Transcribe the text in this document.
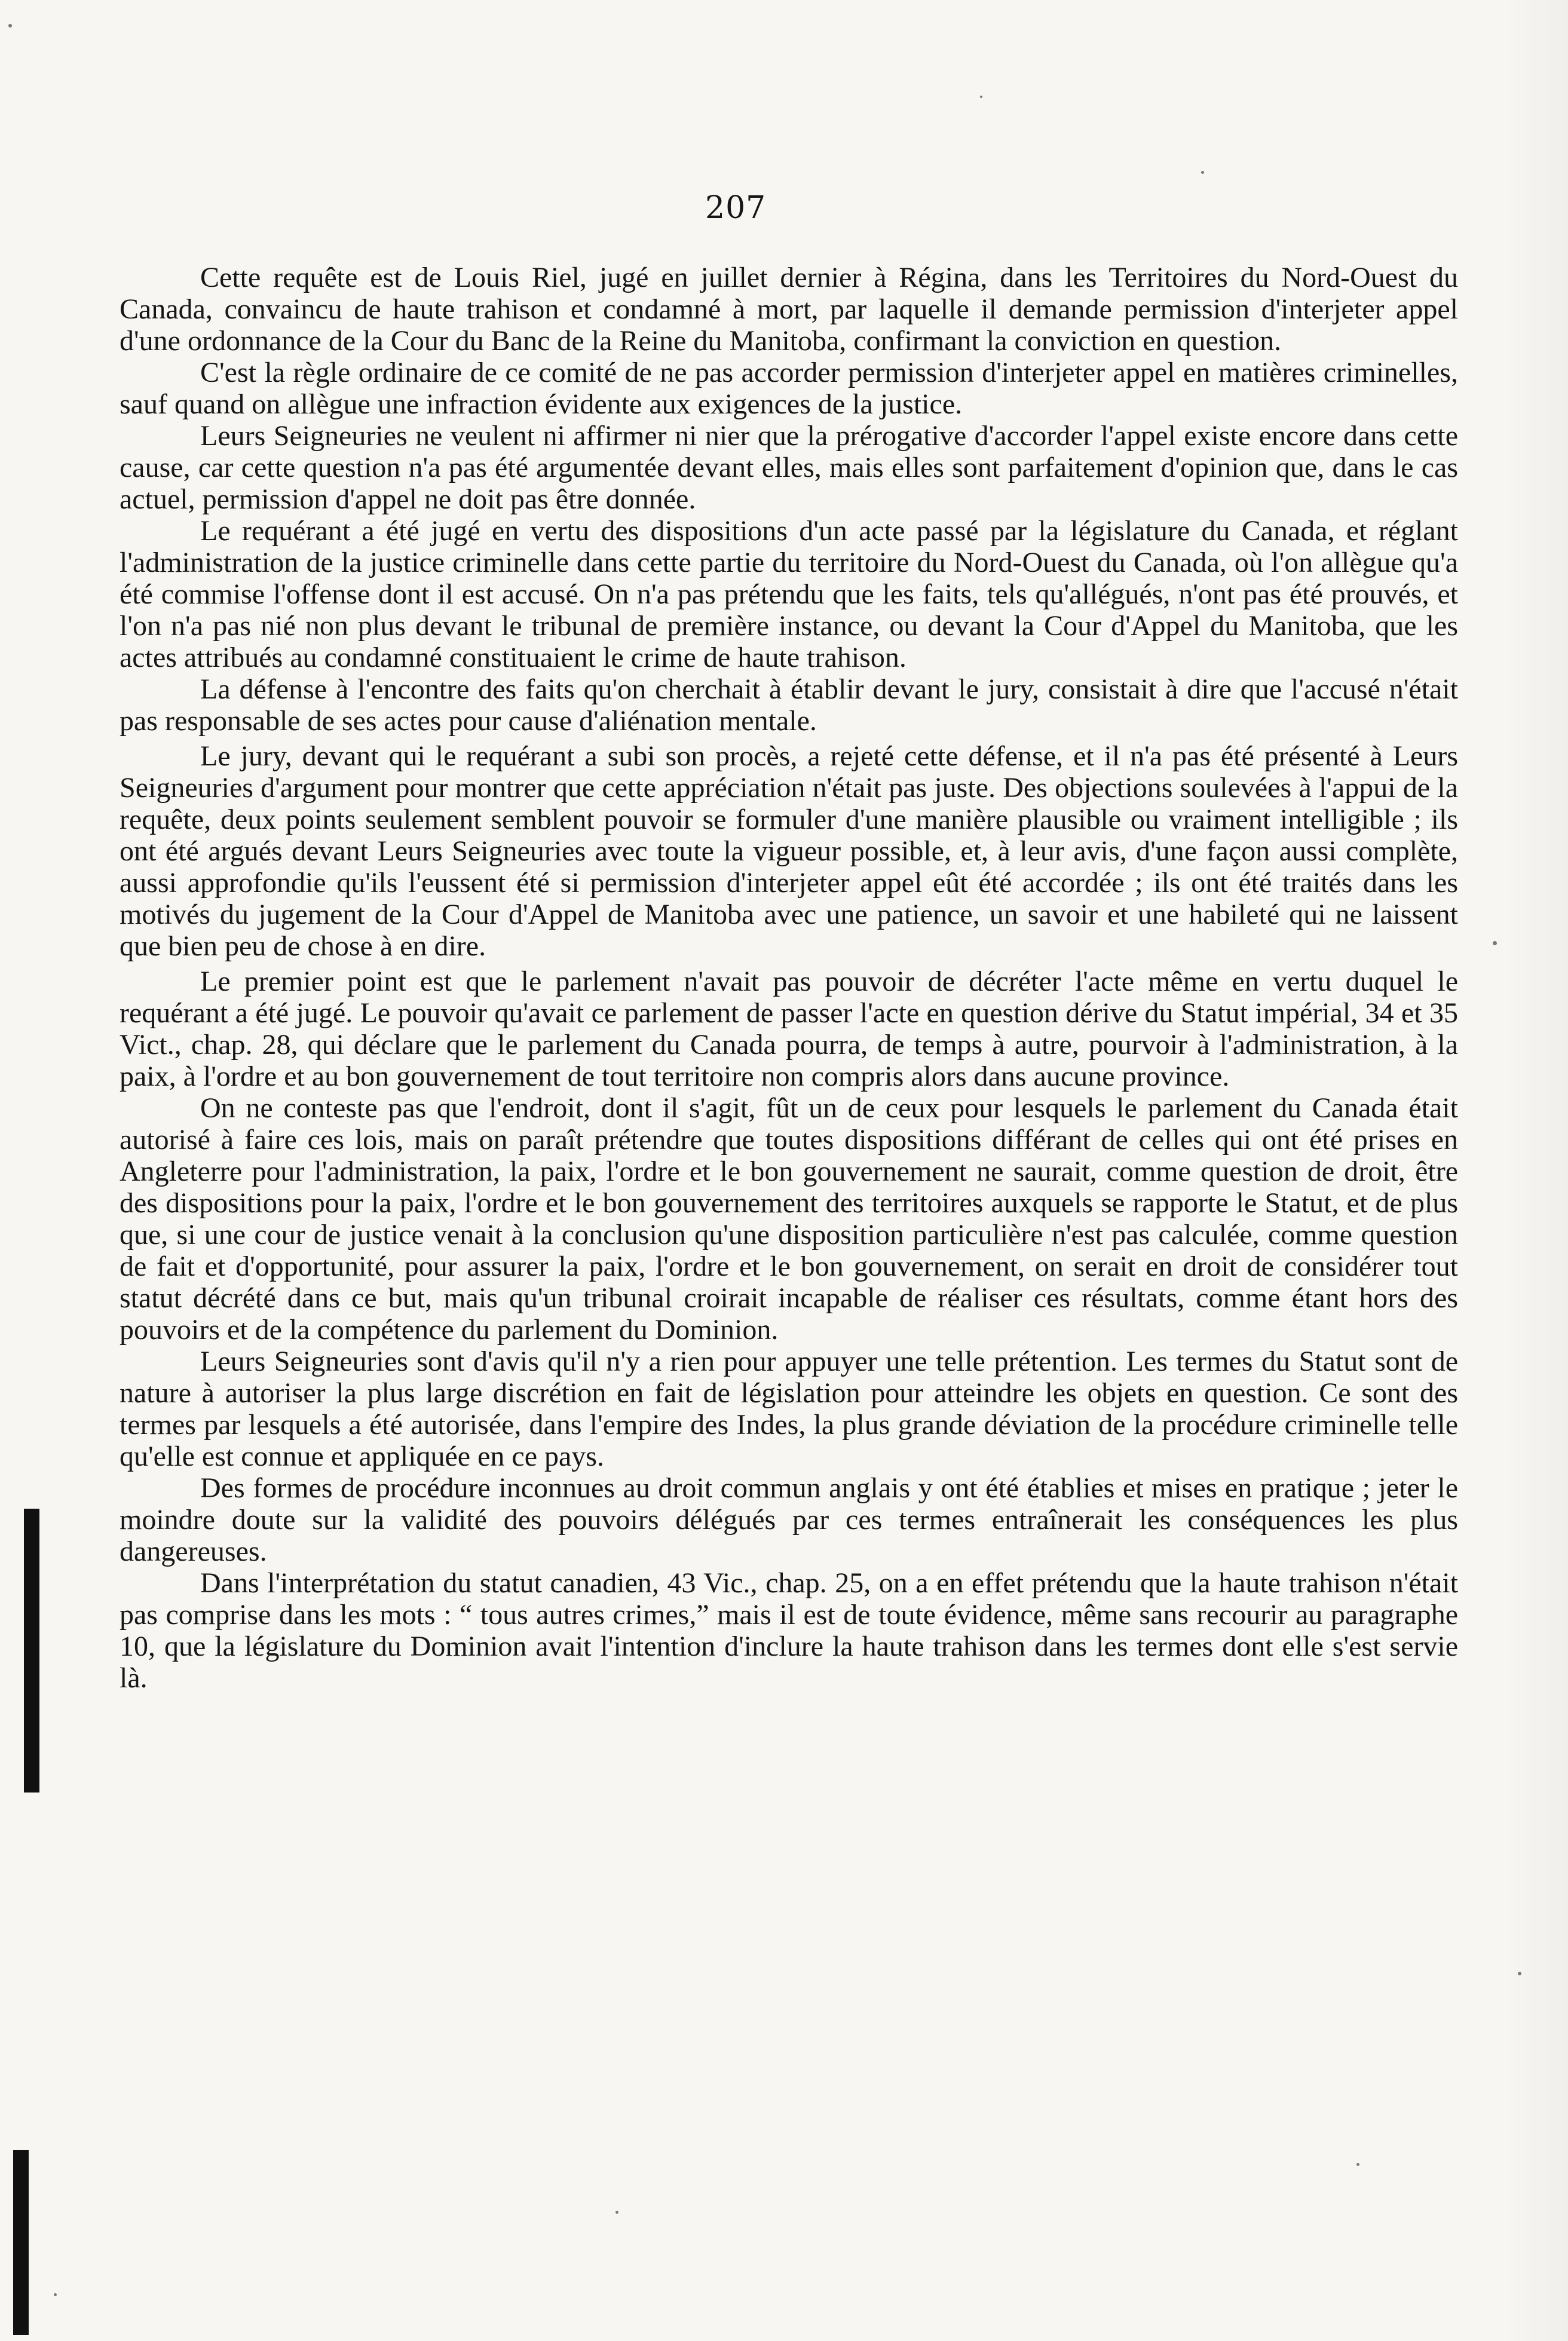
207

Cette requête est de Louis Riel, jugé en juillet dernier à Régina, dans les Territoires du Nord-Ouest du Canada, convaincu de haute trahison et condamné à mort, par laquelle il demande permission d'interjeter appel d'une ordonnance de la Cour du Banc de la Reine du Manitoba, confirmant la conviction en question.

C'est la règle ordinaire de ce comité de ne pas accorder permission d'interjeter appel en matières criminelles, sauf quand on allègue une infraction évidente aux exigences de la justice.

Leurs Seigneuries ne veulent ni affirmer ni nier que la prérogative d'accorder l'appel existe encore dans cette cause, car cette question n'a pas été argumentée devant elles, mais elles sont parfaitement d'opinion que, dans le cas actuel, permission d'appel ne doit pas être donnée.

Le requérant a été jugé en vertu des dispositions d'un acte passé par la législature du Canada, et réglant l'administration de la justice criminelle dans cette partie du territoire du Nord-Ouest du Canada, où l'on allègue qu'a été commise l'offense dont il est accusé. On n'a pas prétendu que les faits, tels qu'allégués, n'ont pas été prouvés, et l'on n'a pas nié non plus devant le tribunal de première instance, ou devant la Cour d'Appel du Manitoba, que les actes attribués au condamné constituaient le crime de haute trahison.

La défense à l'encontre des faits qu'on cherchait à établir devant le jury, consistait à dire que l'accusé n'était pas responsable de ses actes pour cause d'aliénation mentale.

Le jury, devant qui le requérant a subi son procès, a rejeté cette défense, et il n'a pas été présenté à Leurs Seigneuries d'argument pour montrer que cette appréciation n'était pas juste. Des objections soulevées à l'appui de la requête, deux points seulement semblent pouvoir se formuler d'une manière plausible ou vraiment intelligible ; ils ont été argués devant Leurs Seigneuries avec toute la vigueur possible, et, à leur avis, d'une façon aussi complète, aussi approfondie qu'ils l'eussent été si permission d'interjeter appel eût été accordée ; ils ont été traités dans les motivés du jugement de la Cour d'Appel de Manitoba avec une patience, un savoir et une habileté qui ne laissent que bien peu de chose à en dire.

Le premier point est que le parlement n'avait pas pouvoir de décréter l'acte même en vertu duquel le requérant a été jugé. Le pouvoir qu'avait ce parlement de passer l'acte en question dérive du Statut impérial, 34 et 35 Vict., chap. 28, qui déclare que le parlement du Canada pourra, de temps à autre, pourvoir à l'administration, à la paix, à l'ordre et au bon gouvernement de tout territoire non compris alors dans aucune province.

On ne conteste pas que l'endroit, dont il s'agit, fût un de ceux pour lesquels le parlement du Canada était autorisé à faire ces lois, mais on paraît prétendre que toutes dispositions différant de celles qui ont été prises en Angleterre pour l'administration, la paix, l'ordre et le bon gouvernement ne saurait, comme question de droit, être des dispositions pour la paix, l'ordre et le bon gouvernement des territoires auxquels se rapporte le Statut, et de plus que, si une cour de justice venait à la conclusion qu'une disposition particulière n'est pas calculée, comme question de fait et d'opportunité, pour assurer la paix, l'ordre et le bon gouvernement, on serait en droit de considérer tout statut décrété dans ce but, mais qu'un tribunal croirait incapable de réaliser ces résultats, comme étant hors des pouvoirs et de la compétence du parlement du Dominion.

Leurs Seigneuries sont d'avis qu'il n'y a rien pour appuyer une telle prétention. Les termes du Statut sont de nature à autoriser la plus large discrétion en fait de législation pour atteindre les objets en question. Ce sont des termes par lesquels a été autorisée, dans l'empire des Indes, la plus grande déviation de la procédure criminelle telle qu'elle est connue et appliquée en ce pays.

Des formes de procédure inconnues au droit commun anglais y ont été établies et mises en pratique ; jeter le moindre doute sur la validité des pouvoirs délégués par ces termes entraînerait les conséquences les plus dangereuses.

Dans l'interprétation du statut canadien, 43 Vic., chap. 25, on a en effet prétendu que la haute trahison n'était pas comprise dans les mots : “ tous autres crimes,” mais il est de toute évidence, même sans recourir au paragraphe 10, que la législature du Dominion avait l'intention d'inclure la haute trahison dans les termes dont elle s'est servie là.
